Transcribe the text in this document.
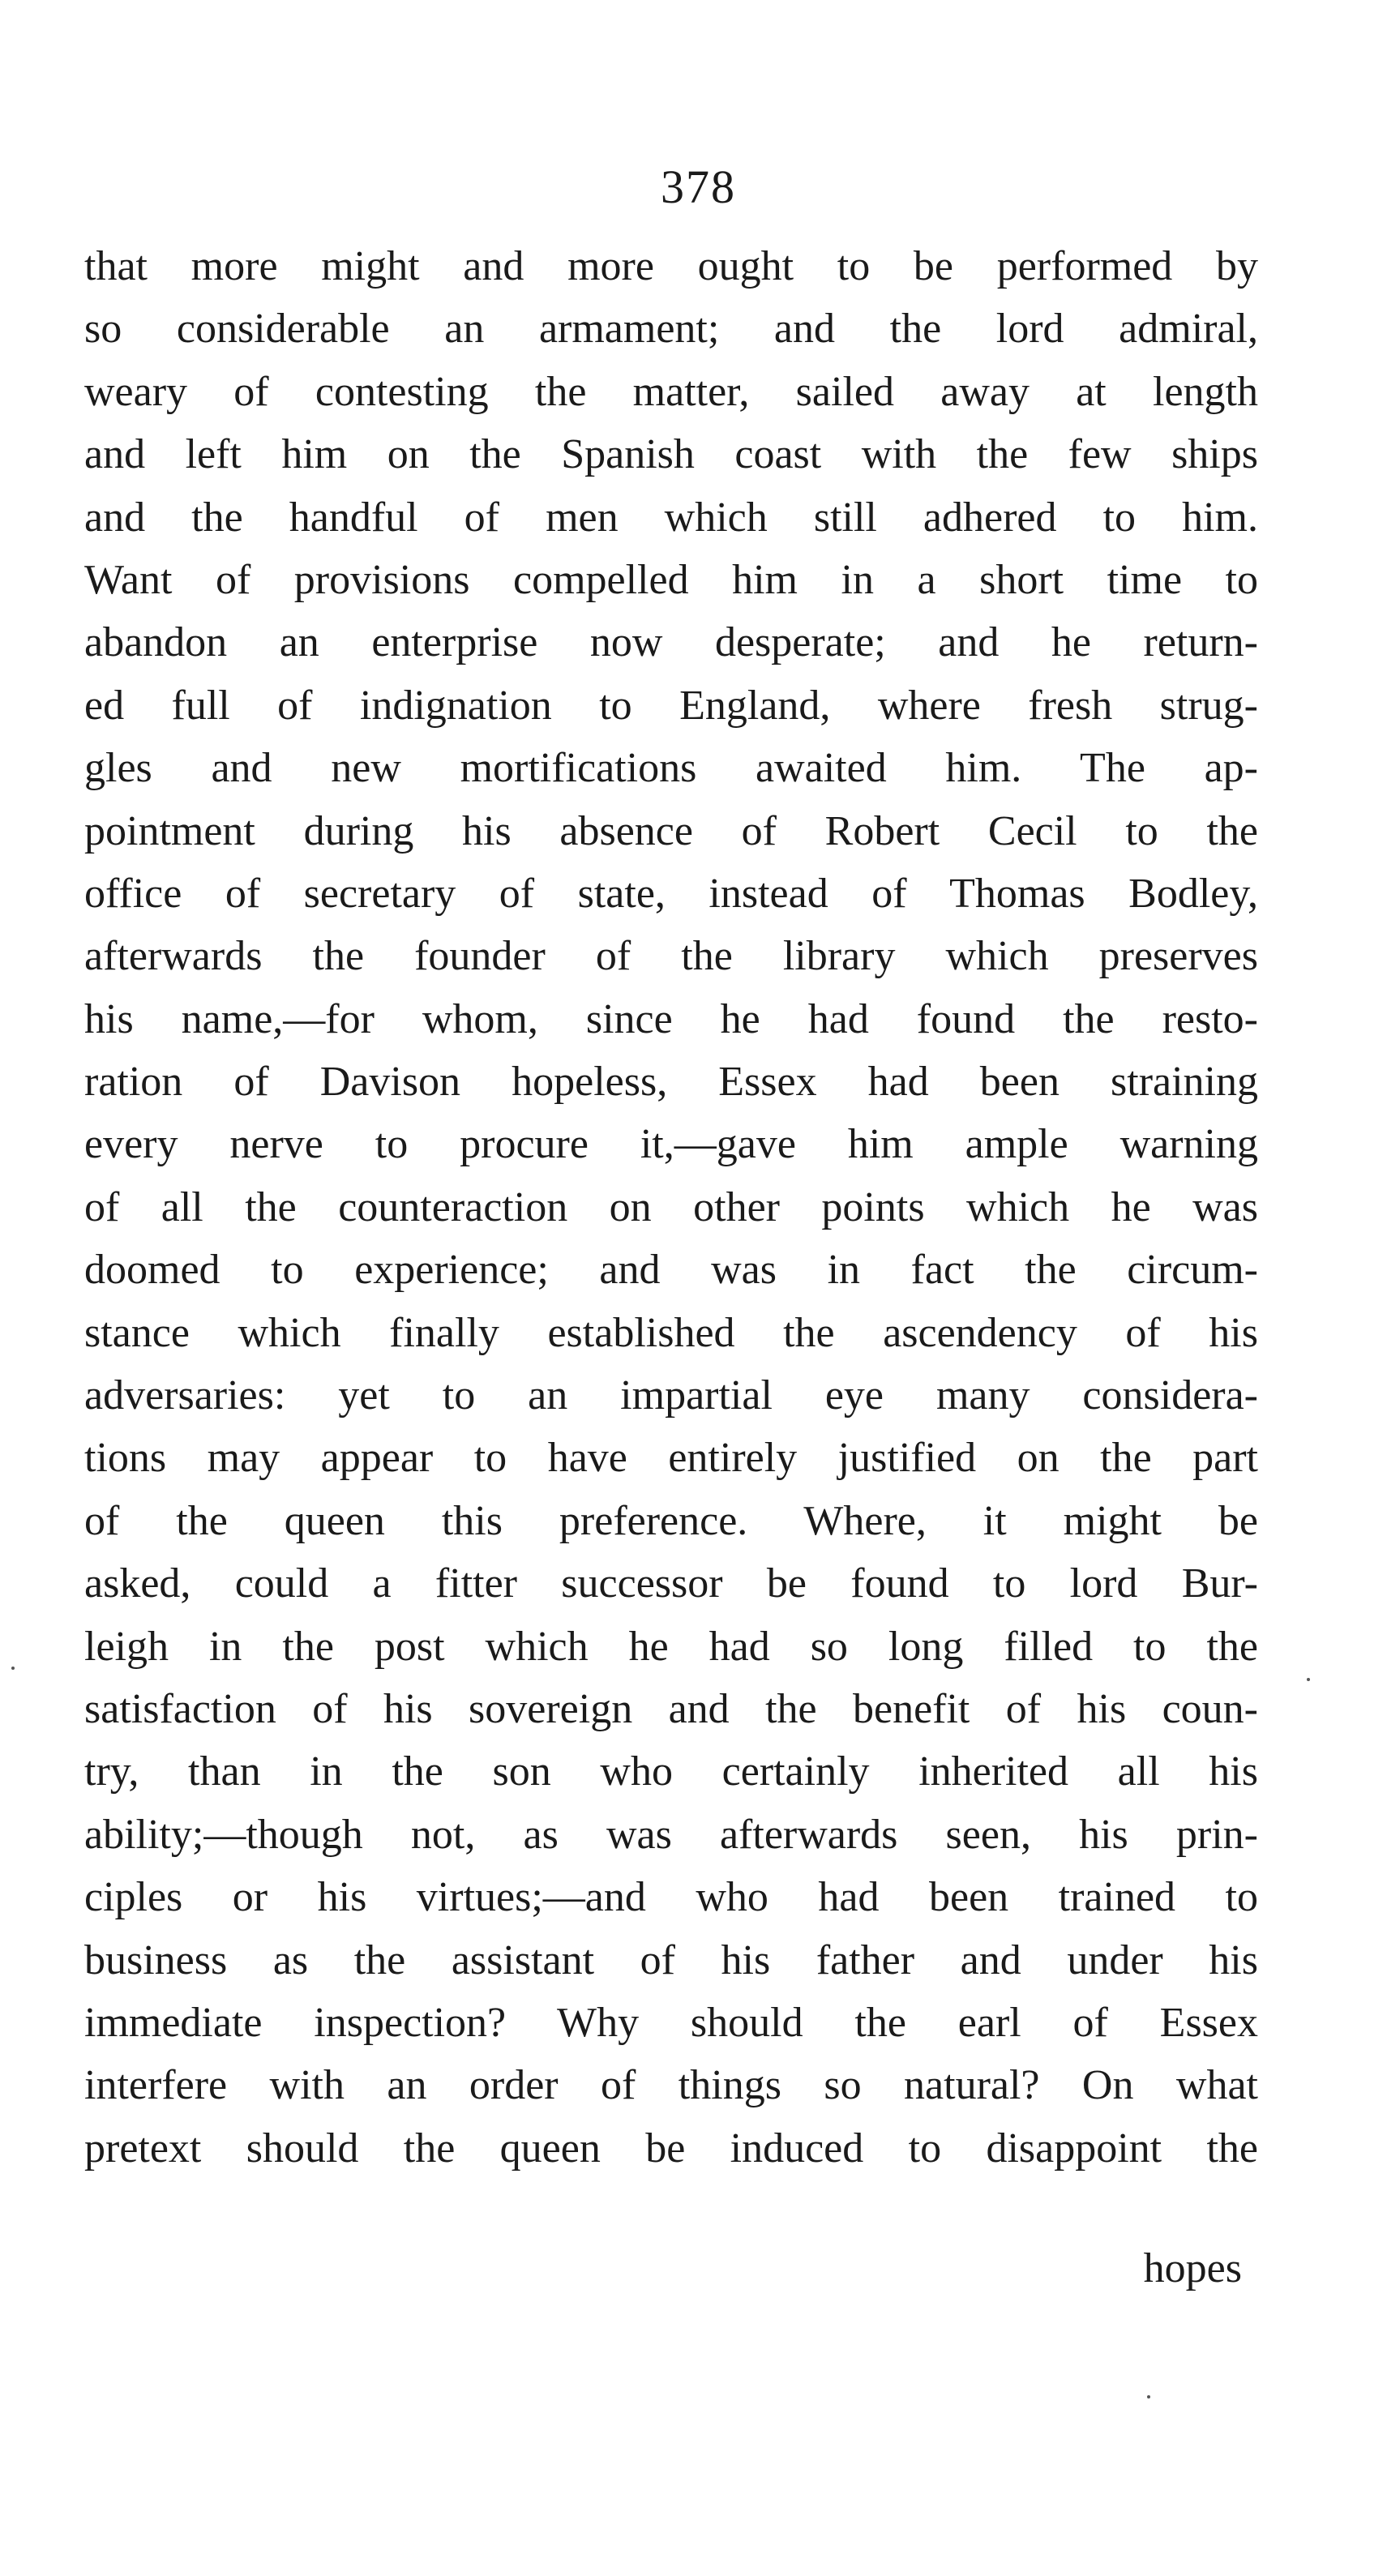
378
that more might and more ought to be performed by
so considerable an armament; and the lord admiral,
weary of contesting the matter, sailed away at length
and left him on the Spanish coast with the few ships
and the handful of men which still adhered to him.
Want of provisions compelled him in a short time to
abandon an enterprise now desperate; and he return-
ed full of indignation to England, where fresh strug-
gles and new mortifications awaited him. The ap-
pointment during his absence of Robert Cecil to the
office of secretary of state, instead of Thomas Bodley,
afterwards the founder of the library which preserves
his name,—for whom, since he had found the resto-
ration of Davison hopeless, Essex had been straining
every nerve to procure it,—gave him ample warning
of all the counteraction on other points which he was
doomed to experience; and was in fact the circum-
stance which finally established the ascendency of his
adversaries: yet to an impartial eye many considera-
tions may appear to have entirely justified on the part
of the queen this preference. Where, it might be
asked, could a fitter successor be found to lord Bur-
leigh in the post which he had so long filled to the
satisfaction of his sovereign and the benefit of his coun-
try, than in the son who certainly inherited all his
ability;—though not, as was afterwards seen, his prin-
ciples or his virtues;—and who had been trained to
business as the assistant of his father and under his
immediate inspection? Why should the earl of Essex
interfere with an order of things so natural? On what
pretext should the queen be induced to disappoint the
hopes
